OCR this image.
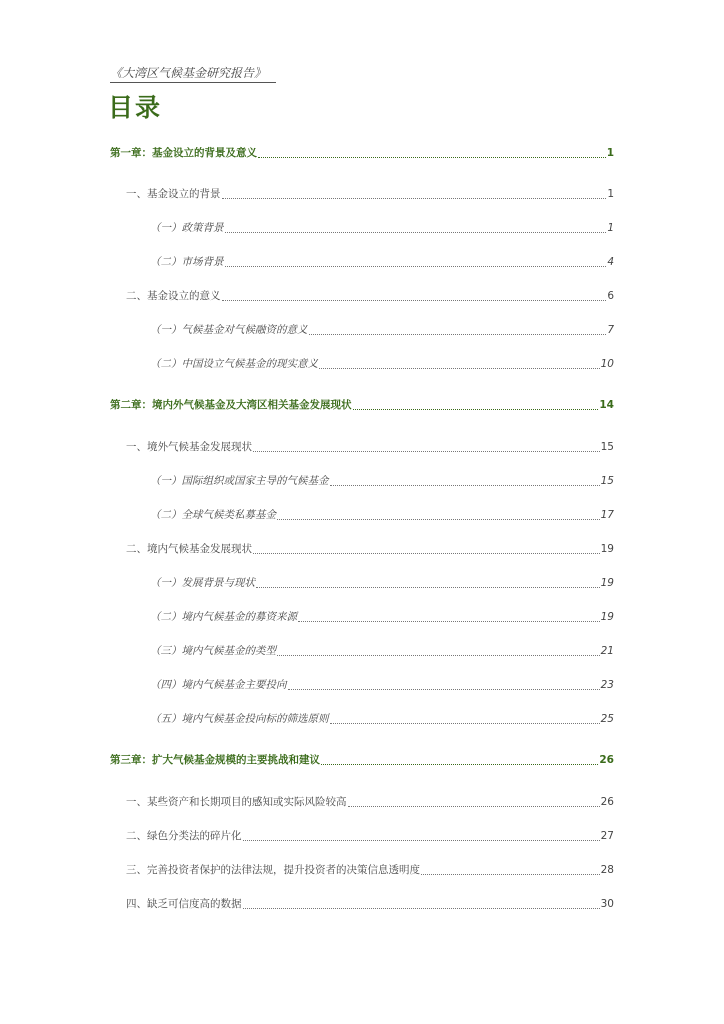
《大湾区气候基金研究报告》
目录
第一章：基金设立的背景及意义	1
一、基金设立的背景	1
（一）政策背景	1
（二）市场背景	4
二、基金设立的意义	6
（一）气候基金对气候融资的意义	7
（二）中国设立气候基金的现实意义	10
第二章：境内外气候基金及大湾区相关基金发展现状	14
一、境外气候基金发展现状	15
（一）国际组织或国家主导的气候基金	15
（二）全球气候类私募基金	17
二、境内气候基金发展现状	19
（一）发展背景与现状	19
（二）境内气候基金的募资来源	19
（三）境内气候基金的类型	21
（四）境内气候基金主要投向	23
（五）境内气候基金投向标的筛选原则	25
第三章：扩大气候基金规模的主要挑战和建议	26
一、某些资产和长期项目的感知或实际风险较高	26
二、绿色分类法的碎片化	27
三、完善投资者保护的法律法规，提升投资者的决策信息透明度	28
四、缺乏可信度高的数据	30
